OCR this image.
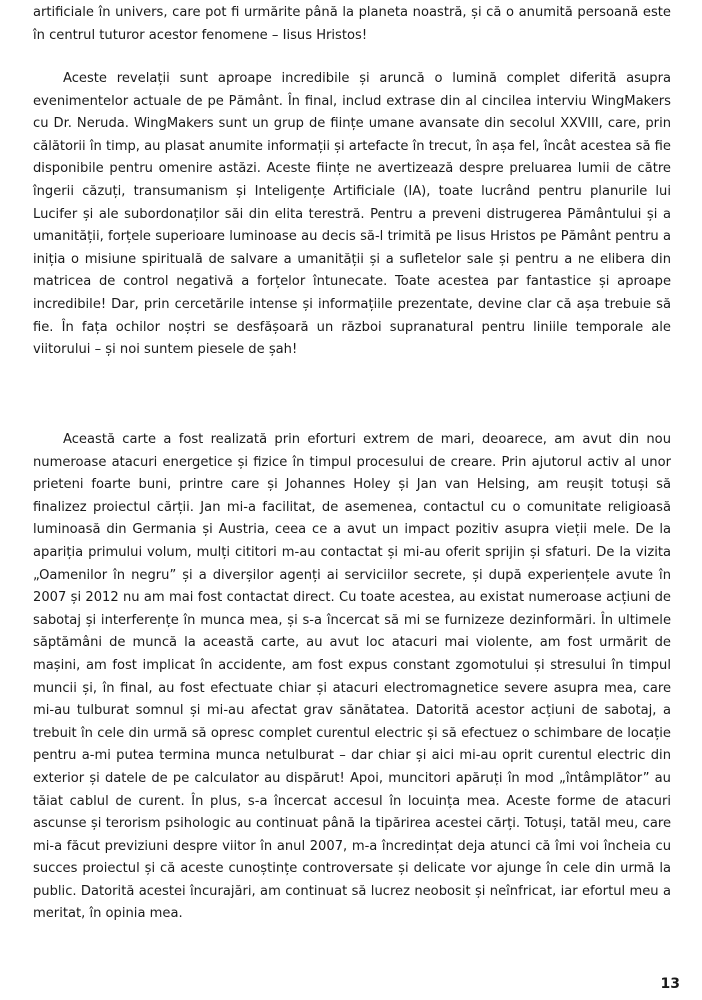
artificiale în univers, care pot fi urmărite până la planeta noastră, și că o anumită persoană este în centrul tuturor acestor fenomene – Iisus Hristos!

Aceste revelații sunt aproape incredibile și aruncă o lumină complet diferită asupra evenimentelor actuale de pe Pământ. În final, includ extrase din al cincilea interviu WingMakers cu Dr. Neruda. WingMakers sunt un grup de ființe umane avansate din secolul XXVIII, care, prin călătorii în timp, au plasat anumite informații și artefacte în trecut, în așa fel, încât acestea să fie disponibile pentru omenire astăzi. Aceste ființe ne avertizează despre preluarea lumii de către îngerii căzuți, transumanism și Inteligențe Artificiale (IA), toate lucrând pentru planurile lui Lucifer și ale subordonaților săi din elita terestră. Pentru a preveni distrugerea Pământului și a umanității, forțele superioare luminoase au decis să-l trimită pe Iisus Hristos pe Pământ pentru a iniția o misiune spirituală de salvare a umanității și a sufletelor sale și pentru a ne elibera din matricea de control negativă a forțelor întunecate. Toate acestea par fantastice și aproape incredibile! Dar, prin cercetările intense și informațiile prezentate, devine clar că așa trebuie să fie. În fața ochilor noștri se desfășoară un război supranatural pentru liniile temporale ale viitorului – și noi suntem piesele de șah!

Această carte a fost realizată prin eforturi extrem de mari, deoarece, am avut din nou numeroase atacuri energetice și fizice în timpul procesului de creare. Prin ajutorul activ al unor prieteni foarte buni, printre care și Johannes Holey și Jan van Helsing, am reușit totuși să finalizez proiectul cărții. Jan mi-a facilitat, de asemenea, contactul cu o comunitate religioasă luminoasă din Germania și Austria, ceea ce a avut un impact pozitiv asupra vieții mele. De la apariția primului volum, mulți cititori m-au contactat și mi-au oferit sprijin și sfaturi. De la vizita „Oamenilor în negru” și a diverșilor agenți ai serviciilor secrete, și după experiențele avute în 2007 și 2012 nu am mai fost contactat direct. Cu toate acestea, au existat numeroase acțiuni de sabotaj și interferențe în munca mea, și s-a încercat să mi se furnizeze dezinformări. În ultimele săptămâni de muncă la această carte, au avut loc atacuri mai violente, am fost urmărit de mașini, am fost implicat în accidente, am fost expus constant zgomotului și stresului în timpul muncii și, în final, au fost efectuate chiar și atacuri electromagnetice severe asupra mea, care mi-au tulburat somnul și mi-au afectat grav sănătatea. Datorită acestor acțiuni de sabotaj, a trebuit în cele din urmă să opresc complet curentul electric și să efectuez o schimbare de locație pentru a-mi putea termina munca netulburat – dar chiar și aici mi-au oprit curentul electric din exterior și datele de pe calculator au dispărut! Apoi, muncitori apăruți în mod „întâmplător” au tăiat cablul de curent. În plus, s-a încercat accesul în locuința mea. Aceste forme de atacuri ascunse și terorism psihologic au continuat până la tipărirea acestei cărți. Totuși, tatăl meu, care mi-a făcut previziuni despre viitor în anul 2007, m-a încredințat deja atunci că îmi voi încheia cu succes proiectul și că aceste cunoștințe controversate și delicate vor ajunge în cele din urmă la public. Datorită acestei încurajări, am continuat să lucrez neobosit și neînfricat, iar efortul meu a meritat, în opinia mea.

13
